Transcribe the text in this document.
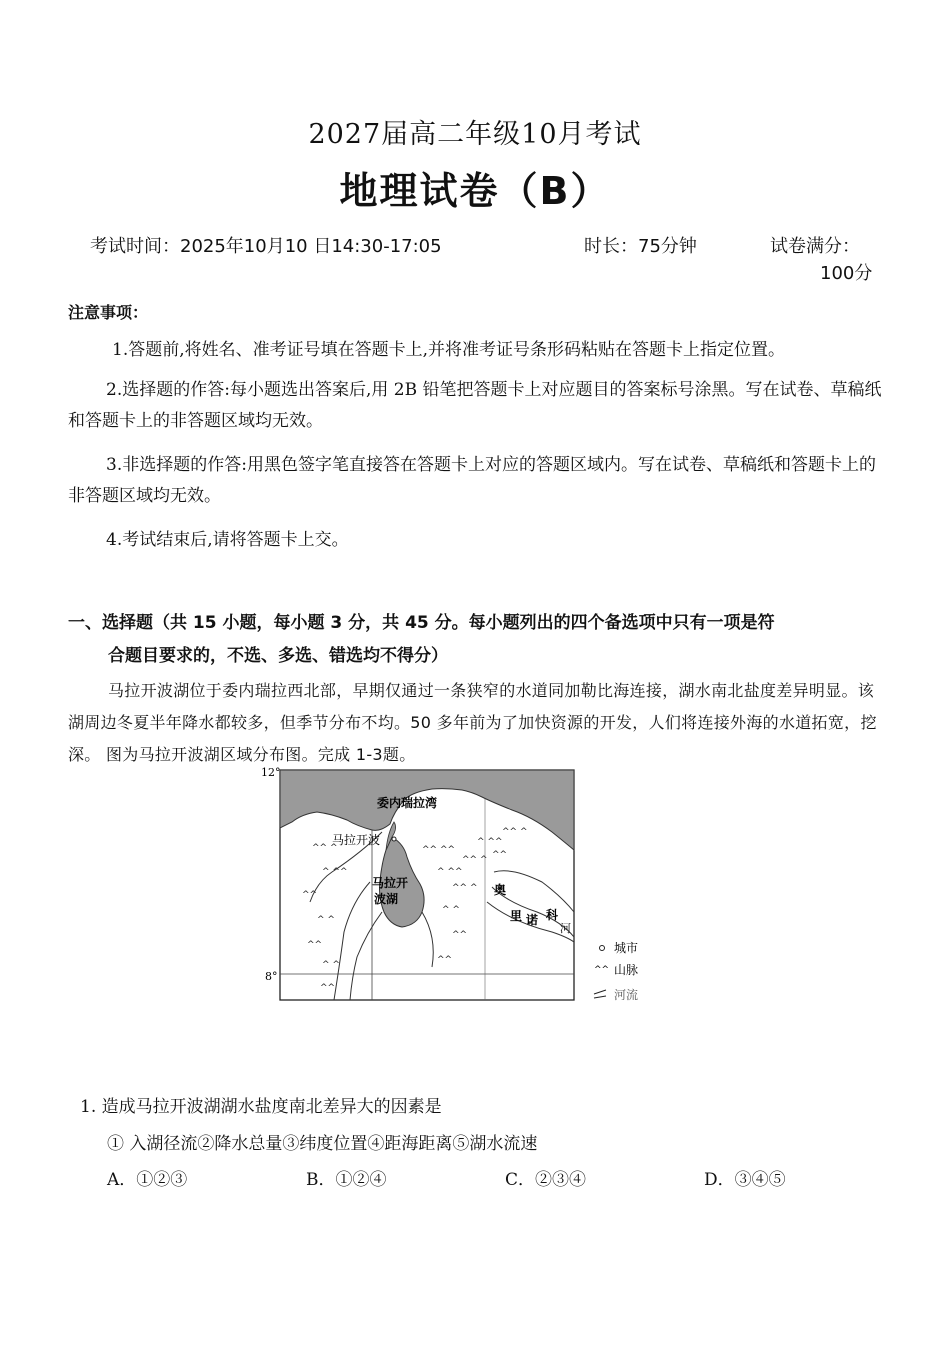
2027届高二年级10月考试
地理试卷（B）
考试时间：2025年10月10 日14:30-17:05	时长：75分钟	试卷满分：
100分
注意事项：
1.答题前,将姓名、准考证号填在答题卡上,并将准考证号条形码粘贴在答题卡上指定位置。
2.选择题的作答:每小题选出答案后,用 2B 铅笔把答题卡上对应题目的答案标号涂黑。写在试卷、草稿纸和答题卡上的非答题区域均无效。
3.非选择题的作答:用黑色签字笔直接答在答题卡上对应的答题区域内。写在试卷、草稿纸和答题卡上的非答题区域均无效。
4.考试结束后,请将答题卡上交。
一、选择题（共 15 小题，每小题 3 分，共 45 分。每小题列出的四个备选项中只有一项是符
合题目要求的，不选、多选、错选均不得分）
马拉开波湖位于委内瑞拉西北部，早期仅通过一条狭窄的水道同加勒比海连接，湖水南北盐度差异明显。该湖周边冬夏半年降水都较多，但季节分布不均。50 多年前为了加快资源的开发，人们将连接外海的水道拓宽，挖深。 图为马拉开波湖区域分布图。完成 1-3题。
^^ ^
^ ^^
^^
^ ^
^^
^ ^
^^
^^ ^^
^ ^^
^^ ^
^^ ^
^ ^^
^^ ^
^^
^ ^
^^
^^
12°
8°
委内瑞拉湾
马拉开波
马拉开
波湖
奥
里 诺 科
河
城市
^^ 山脉
河流
1. 造成马拉开波湖湖水盐度南北差异大的因素是
① 入湖径流②降水总量③纬度位置④距海距离⑤湖水流速
A．①②③	B．①②④	C．②③④	D．③④⑤
